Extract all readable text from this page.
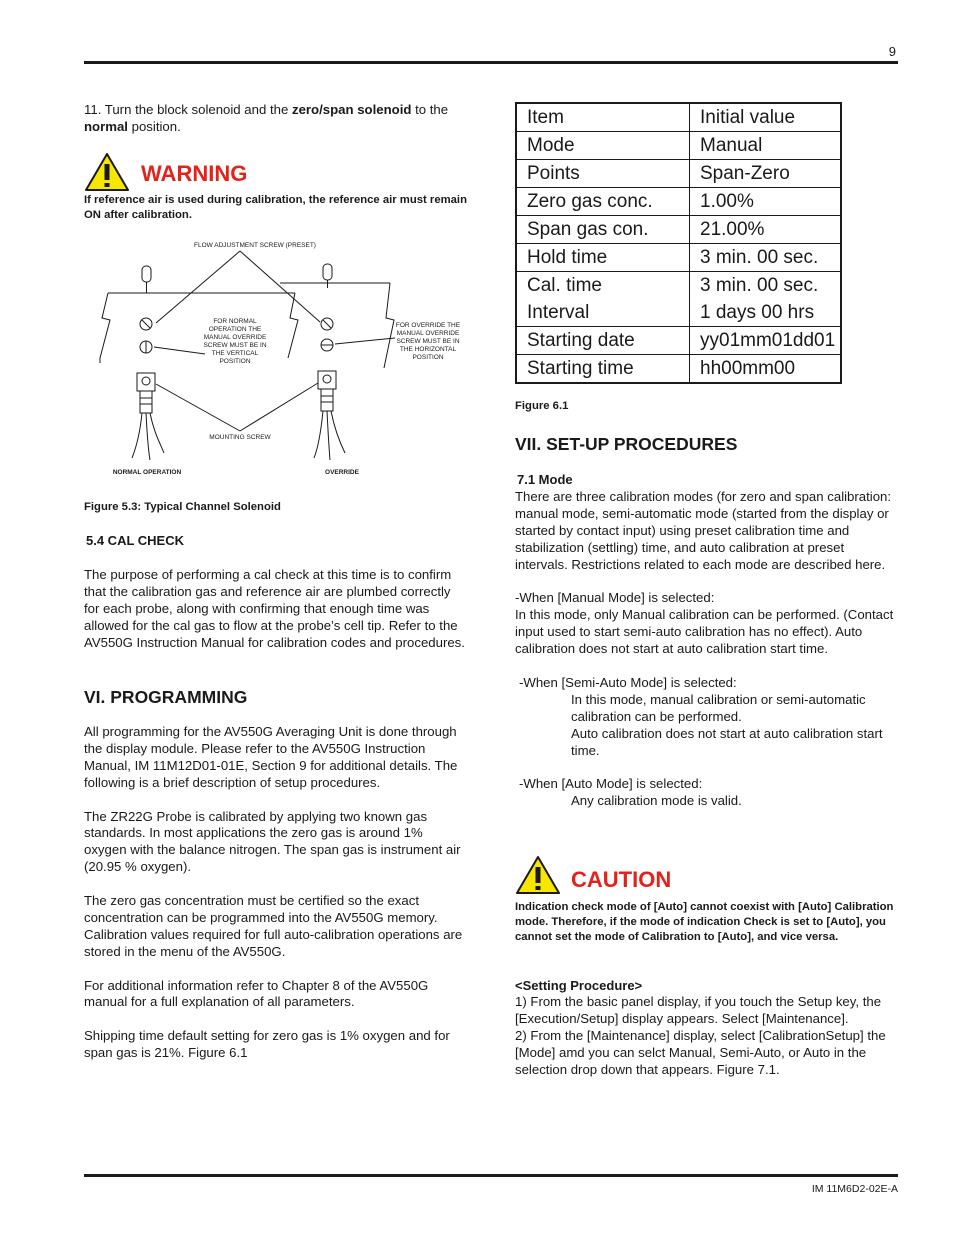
9
11. Turn the block solenoid and the zero/span solenoid to the normal position.
WARNING
If reference air is used during calibration, the reference air must remain ON after calibration.
FLOW ADJUSTMENT SCREW (PRESET)
FOR NORMAL OPERATION THE MANUAL OVERRIDE SCREW MUST BE IN THE VERTICAL POSITION
FOR OVERRIDE THE MANUAL OVERRIDE SCREW MUST BE IN THE HORIZONTAL POSITION
MOUNTING SCREW
NORMAL OPERATION	OVERRIDE
Figure 5.3: Typical Channel Solenoid
5.4 CAL CHECK
The purpose of performing a cal check at this time is to confirm that the calibration gas and reference air are plumbed correctly for each probe, along with confirming that enough time was allowed for the cal gas to flow at the probe’s cell tip. Refer to the AV550G Instruction Manual for calibration codes and procedures.
VI. PROGRAMMING

All programming for the AV550G Averaging Unit is done through the display module. Please refer to the AV550G Instruction Manual, IM 11M12D01-01E, Section 9 for additional details. The following is a brief description of setup procedures.

The ZR22G Probe is calibrated by applying two known gas standards. In most applications the zero gas is around 1% oxygen with the balance nitrogen. The span gas is instrument air (20.95 % oxygen).

The zero gas concentration must be certified so the exact concentration can be programmed into the AV550G memory. Calibration values required for full auto-calibration operations are stored in the menu of the AV550G.

For additional information refer to Chapter 8 of the AV550G manual for a full explanation of all parameters.

Shipping time default setting for zero gas is 1% oxygen and for span gas is 21%. Figure 6.1

Item	Initial value
Mode	Manual
Points	Span-Zero
Zero gas conc.	1.00%
Span gas con.	21.00%
Hold time	3 min. 00 sec.
Cal. time	3 min. 00 sec.
Interval	1 days 00 hrs
Starting date	yy01mm01dd01
Starting time	hh00mm00
Figure 6.1
VII. SET-UP PROCEDURES
7.1 Mode

There are three calibration modes (for zero and span calibration: manual mode, semi-automatic mode (started from the display or started by contact input) using preset calibration time and stabilization (settling) time, and auto calibration at preset intervals. Restrictions related to each mode are described here.

-When [Manual Mode] is selected:

In this mode, only Manual calibration can be performed. (Contact input used to start semi-auto calibration has no effect). Auto calibration does not start at auto calibration start time.

-When [Semi-Auto Mode] is selected:

In this mode, manual calibration or semi-automatic calibration can be performed.

Auto calibration does not start at auto calibration start time.

-When [Auto Mode] is selected:

Any calibration mode is valid.

CAUTION
Indication check mode of [Auto] cannot coexist with [Auto] Calibration mode. Therefore, if the mode of indication Check is set to [Auto], you cannot set the mode of Calibration to [Auto], and vice versa.
<Setting Procedure>

1) From the basic panel display, if you touch the Setup key, the [Execution/Setup] display appears. Select [Maintenance].

2) From the [Maintenance] display, select [CalibrationSetup] the [Mode] amd you can selct Manual, Semi-Auto, or Auto in the selection drop down that appears. Figure 7.1.

IM 11M6D2-02E-A
